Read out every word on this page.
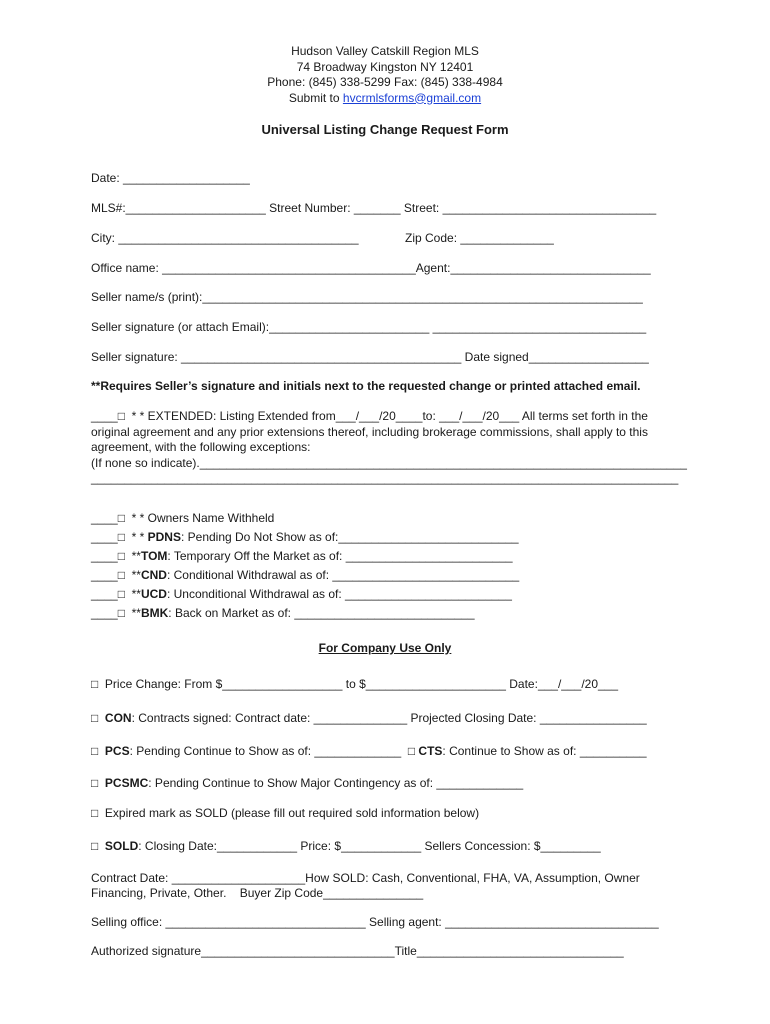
Hudson Valley Catskill Region MLS
74 Broadway Kingston NY 12401
Phone: (845) 338-5299 Fax: (845) 338-4984
Submit to hvcrmlsforms@gmail.com
Universal Listing Change Request Form
Date: ___________________
MLS#:_____________________ Street Number: _______ Street: ________________________________
City: ____________________________________	Zip Code: ______________
Office name: ______________________________________Agent:______________________________
Seller name/s (print):__________________________________________________________________
Seller signature (or attach Email):________________________ ________________________________
Seller signature: __________________________________________ Date signed__________________
**Requires Seller’s signature and initials next to the requested change or printed attached email.
____□  * * EXTENDED: Listing Extended from___/___/20____to: ___/___/20___ All terms set forth in the
original agreement and any prior extensions thereof, including brokerage commissions, shall apply to this
agreement, with the following exceptions:
(If none so indicate)._________________________________________________________________________
________________________________________________________________________________________
____□  * * Owners Name Withheld
____□  * * PDNS: Pending Do Not Show as of:___________________________
____□  **TOM: Temporary Off the Market as of: _________________________
____□  **CND: Conditional Withdrawal as of: ____________________________
____□  **UCD: Unconditional Withdrawal as of: _________________________
____□  **BMK: Back on Market as of: ___________________________
For Company Use Only
□  Price Change: From $__________________ to $_____________________ Date:___/___/20___
□  CON: Contracts signed: Contract date: ______________ Projected Closing Date: ________________
□  PCS: Pending Continue to Show as of: _____________  □ CTS: Continue to Show as of: __________
□  PCSMC: Pending Continue to Show Major Contingency as of: _____________
□  Expired mark as SOLD (please fill out required sold information below)
□  SOLD: Closing Date:____________ Price: $____________ Sellers Concession: $_________
Contract Date: ____________________How SOLD: Cash, Conventional, FHA, VA, Assumption, Owner
Financing, Private, Other.    Buyer Zip Code_______________
Selling office: ______________________________ Selling agent: ________________________________
Authorized signature_____________________________Title_______________________________
